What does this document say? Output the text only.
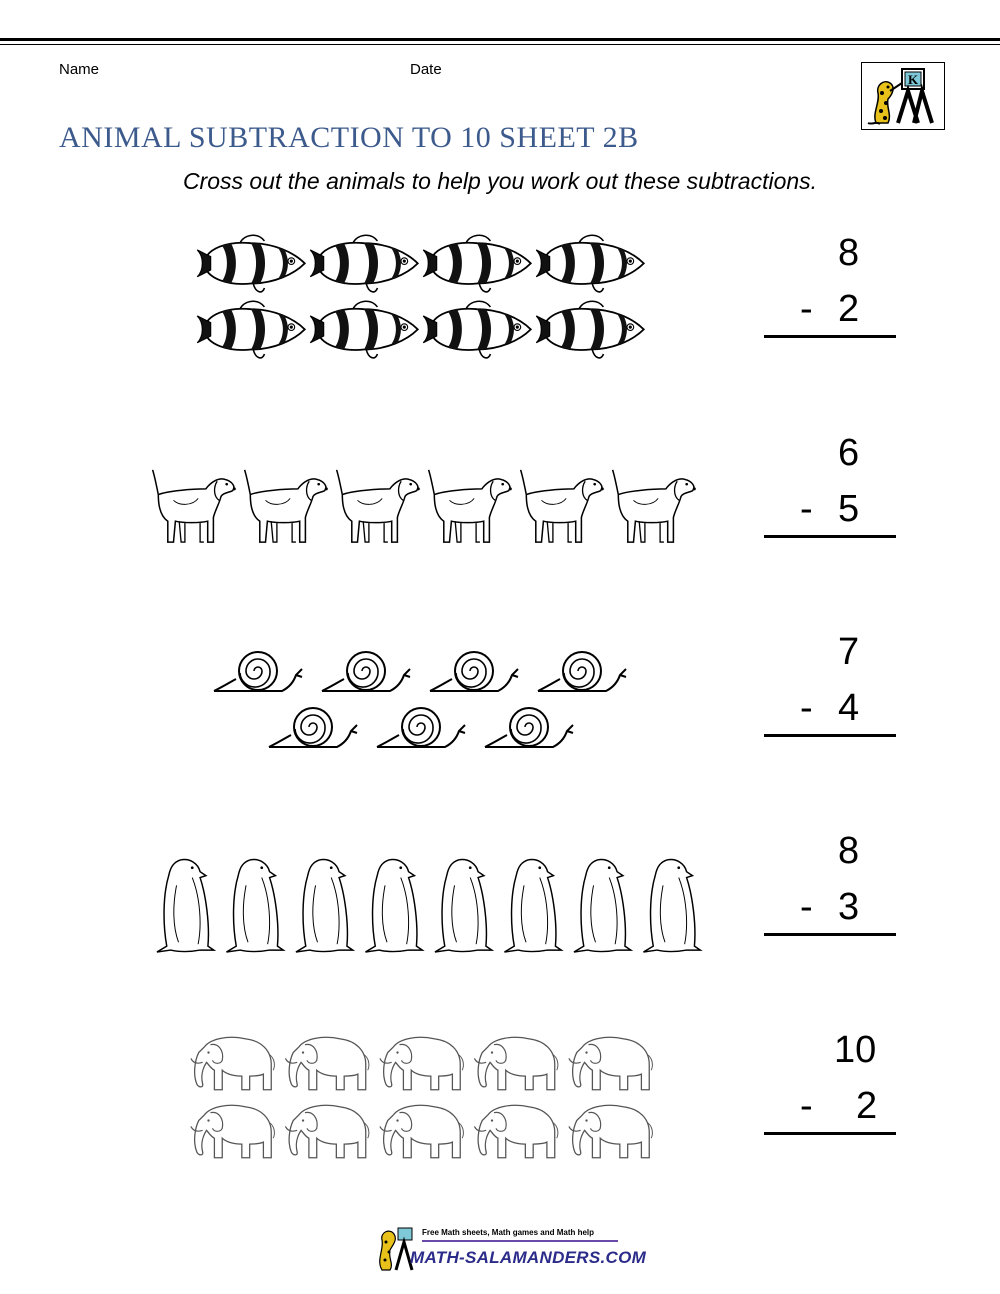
Name	Date
K
ANIMAL SUBTRACTION TO 10 SHEET 2B
Cross out the animals to help you work out these subtractions.
8
- 2
6
- 5
7
- 4
8
- 3
10
- 2
Free Math sheets, Math games and Math help
MATH-SALAMANDERS.COM
